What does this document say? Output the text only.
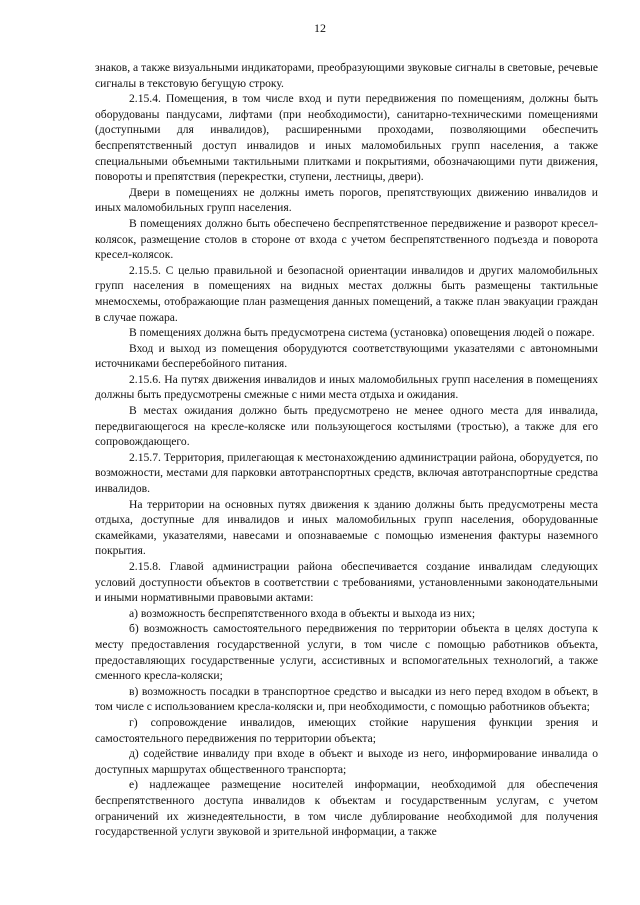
12

знаков, а также визуальными индикаторами, преобразующими звуковые сигналы в световые, речевые сигналы в текстовую бегущую строку.

2.15.4. Помещения, в том числе вход и пути передвижения по помещениям, должны быть оборудованы пандусами, лифтами (при необходимости), санитарно-техническими помещениями (доступными для инвалидов), расширенными проходами, позволяющими обеспечить беспрепятственный доступ инвалидов и иных маломобильных групп населения, а также специальными объемными тактильными плитками и покрытиями, обозначающими пути движения, повороты и препятствия (перекрестки, ступени, лестницы, двери).

Двери в помещениях не должны иметь порогов, препятствующих движению инвалидов и иных маломобильных групп населения.

В помещениях должно быть обеспечено беспрепятственное передвижение и разворот кресел-колясок, размещение столов в стороне от входа с учетом беспрепятственного подъезда и поворота кресел-колясок.

2.15.5. С целью правильной и безопасной ориентации инвалидов и других маломобильных групп населения в помещениях на видных местах должны быть размещены тактильные мнемосхемы, отображающие план размещения данных помещений, а также план эвакуации граждан в случае пожара.

В помещениях должна быть предусмотрена система (установка) оповещения людей о пожаре.

Вход и выход из помещения оборудуются соответствующими указателями с автономными источниками бесперебойного питания.

2.15.6. На путях движения инвалидов и иных маломобильных групп населения в помещениях должны быть предусмотрены смежные с ними места отдыха и ожидания.

В местах ожидания должно быть предусмотрено не менее одного места для инвалида, передвигающегося на кресле-коляске или пользующегося костылями (тростью), а также для его сопровождающего.

2.15.7. Территория, прилегающая к местонахождению администрации района, оборудуется, по возможности, местами для парковки автотранспортных средств, включая автотранспортные средства инвалидов.

На территории на основных путях движения к зданию должны быть предусмотрены места отдыха, доступные для инвалидов и иных маломобильных групп населения, оборудованные скамейками, указателями, навесами и опознаваемые с помощью изменения фактуры наземного покрытия.

2.15.8. Главой администрации района обеспечивается создание инвалидам следующих условий доступности объектов в соответствии с требованиями, установленными законодательными и иными нормативными правовыми актами:

а) возможность беспрепятственного входа в объекты и выхода из них;

б) возможность самостоятельного передвижения по территории объекта в целях доступа к месту предоставления государственной услуги, в том числе с помощью работников объекта, предоставляющих государственные услуги, ассистивных и вспомогательных технологий, а также сменного кресла-коляски;

в) возможность посадки в транспортное средство и высадки из него перед входом в объект, в том числе с использованием кресла-коляски и, при необходимости, с помощью работников объекта;

г) сопровождение инвалидов, имеющих стойкие нарушения функции зрения и самостоятельного передвижения по территории объекта;

д) содействие инвалиду при входе в объект и выходе из него, информирование инвалида о доступных маршрутах общественного транспорта;

е) надлежащее размещение носителей информации, необходимой для обеспечения беспрепятственного доступа инвалидов к объектам и государственным услугам, с учетом ограничений их жизнедеятельности, в том числе дублирование необходимой для получения государственной услуги звуковой и зрительной информации, а также
